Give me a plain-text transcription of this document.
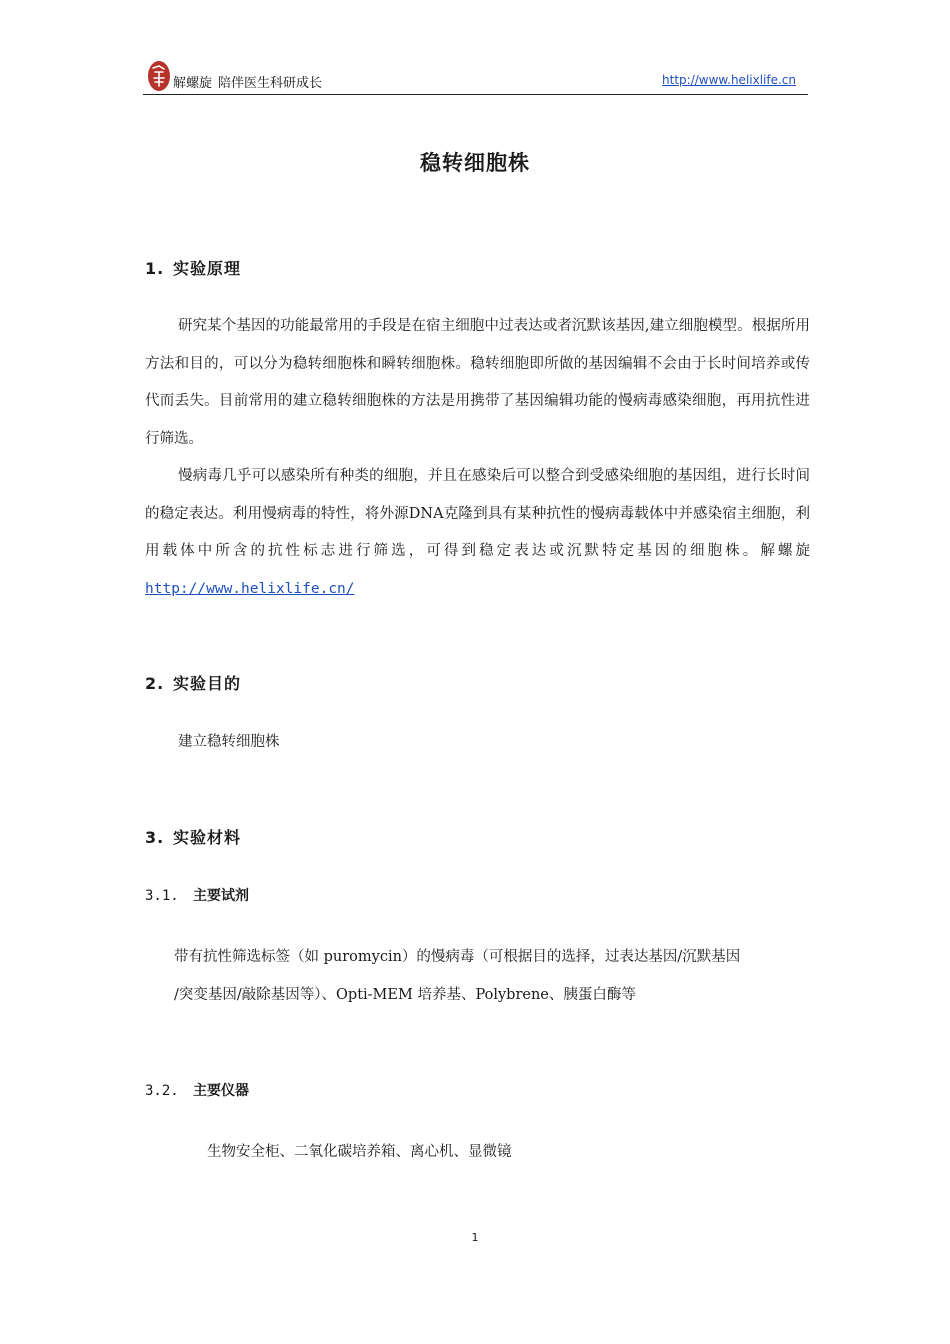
解螺旋 陪伴医生科研成长	http://www.helixlife.cn
稳转细胞株
1. 实验原理
研究某个基因的功能最常用的手段是在宿主细胞中过表达或者沉默该基因,建立细胞模型。根据所用方法和目的，可以分为稳转细胞株和瞬转细胞株。稳转细胞即所做的基因编辑不会由于长时间培养或传代而丢失。目前常用的建立稳转细胞株的方法是用携带了基因编辑功能的慢病毒感染细胞，再用抗性进行筛选。
慢病毒几乎可以感染所有种类的细胞，并且在感染后可以整合到受感染细胞的基因组，进行长时间的稳定表达。利用慢病毒的特性，将外源DNA克隆到具有某种抗性的慢病毒载体中并感染宿主细胞，利用载体中所含的抗性标志进行筛选，可得到稳定表达或沉默特定基因的细胞株。解螺旋 http://www.helixlife.cn/
2. 实验目的
建立稳转细胞株
3. 实验材料
3.1. 主要试剂
带有抗性筛选标签（如 puromycin）的慢病毒（可根据目的选择，过表达基因/沉默基因
/突变基因/敲除基因等）、Opti-MEM 培养基、Polybrene、胰蛋白酶等
3.2. 主要仪器
生物安全柜、二氧化碳培养箱、离心机、显微镜
1
